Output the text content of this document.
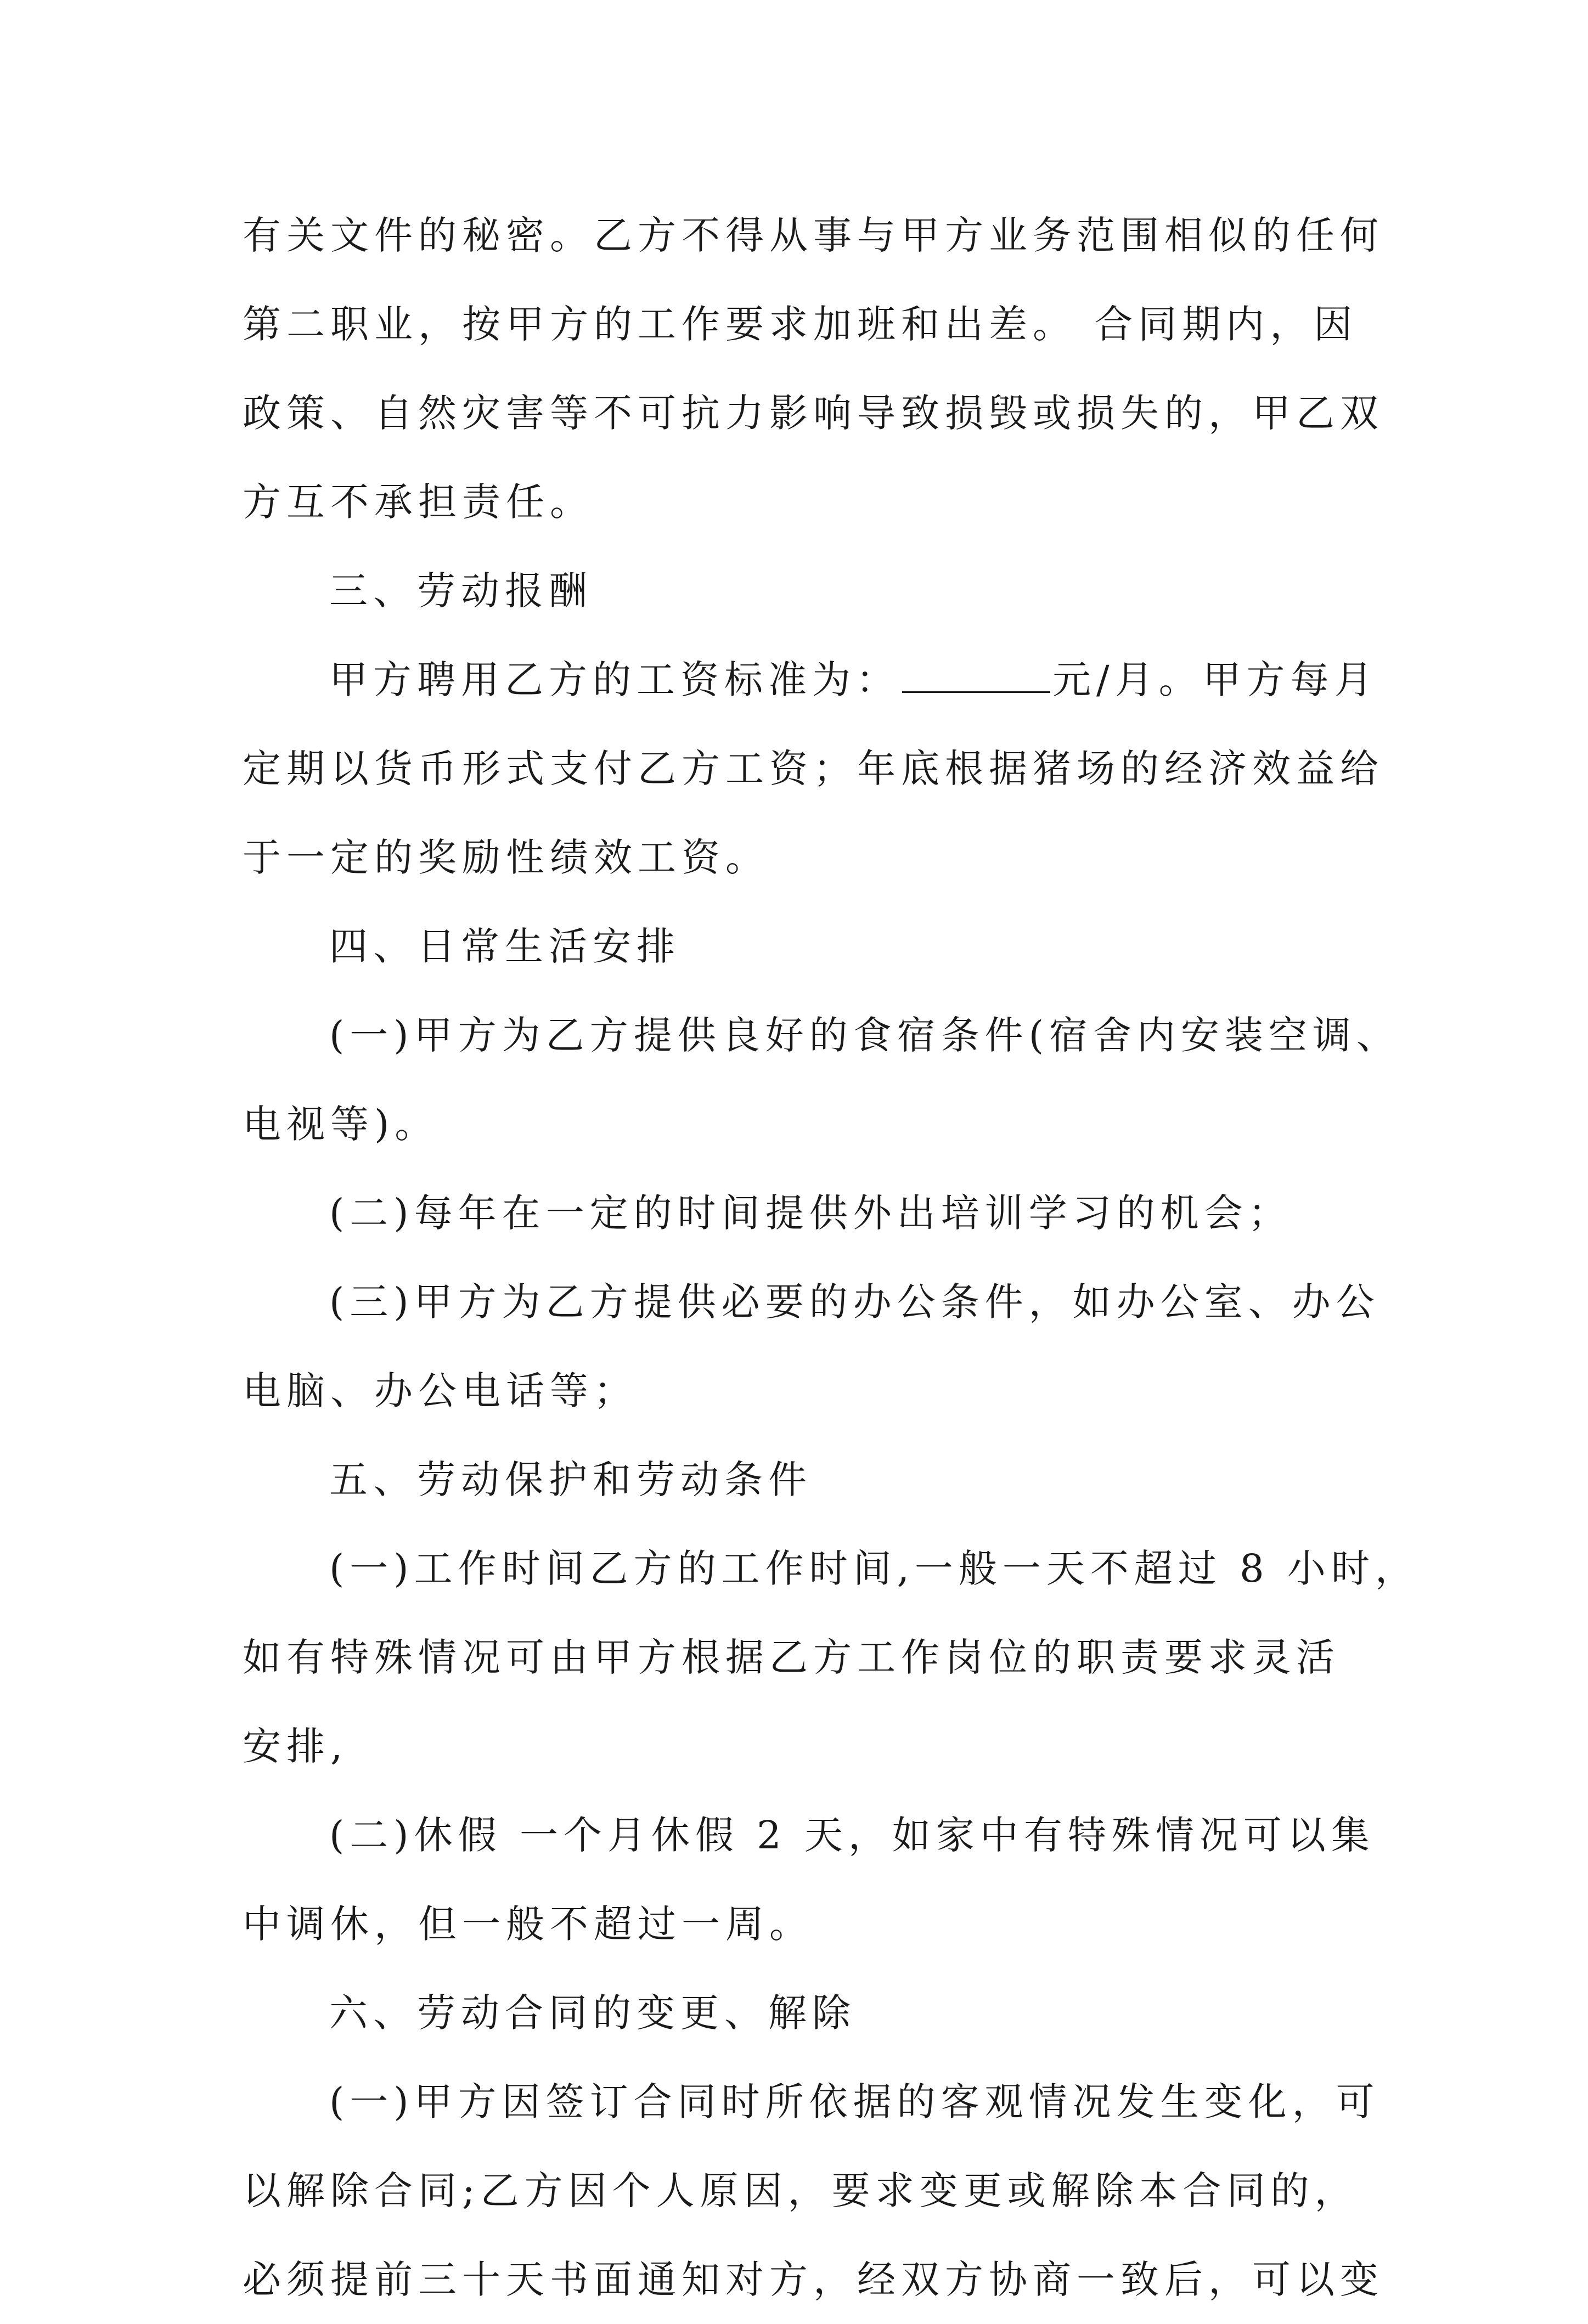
有关文件的秘密。乙方不得从事与甲方业务范围相似的任何
第二职业，按甲方的工作要求加班和出差。 合同期内，因
政策、自然灾害等不可抗力影响导致损毁或损失的，甲乙双
方互不承担责任。
三、劳动报酬
甲方聘用乙方的工资标准为：	元/月。甲方每月
定期以货币形式支付乙方工资；年底根据猪场的经济效益给
于一定的奖励性绩效工资。
四、日常生活安排
(一)甲方为乙方提供良好的食宿条件(宿舍内安装空调、
电视等)。
(二)每年在一定的时间提供外出培训学习的机会；
(三)甲方为乙方提供必要的办公条件，如办公室、办公
电脑、办公电话等；
五、劳动保护和劳动条件
(一)工作时间乙方的工作时间,一般一天不超过 8 小时，
如有特殊情况可由甲方根据乙方工作岗位的职责要求灵活
安排,
(二)休假 一个月休假 2 天，如家中有特殊情况可以集
中调休，但一般不超过一周。
六、劳动合同的变更、解除
(一)甲方因签订合同时所依据的客观情况发生变化，可
以解除合同;乙方因个人原因，要求变更或解除本合同的，
必须提前三十天书面通知对方，经双方协商一致后，可以变
